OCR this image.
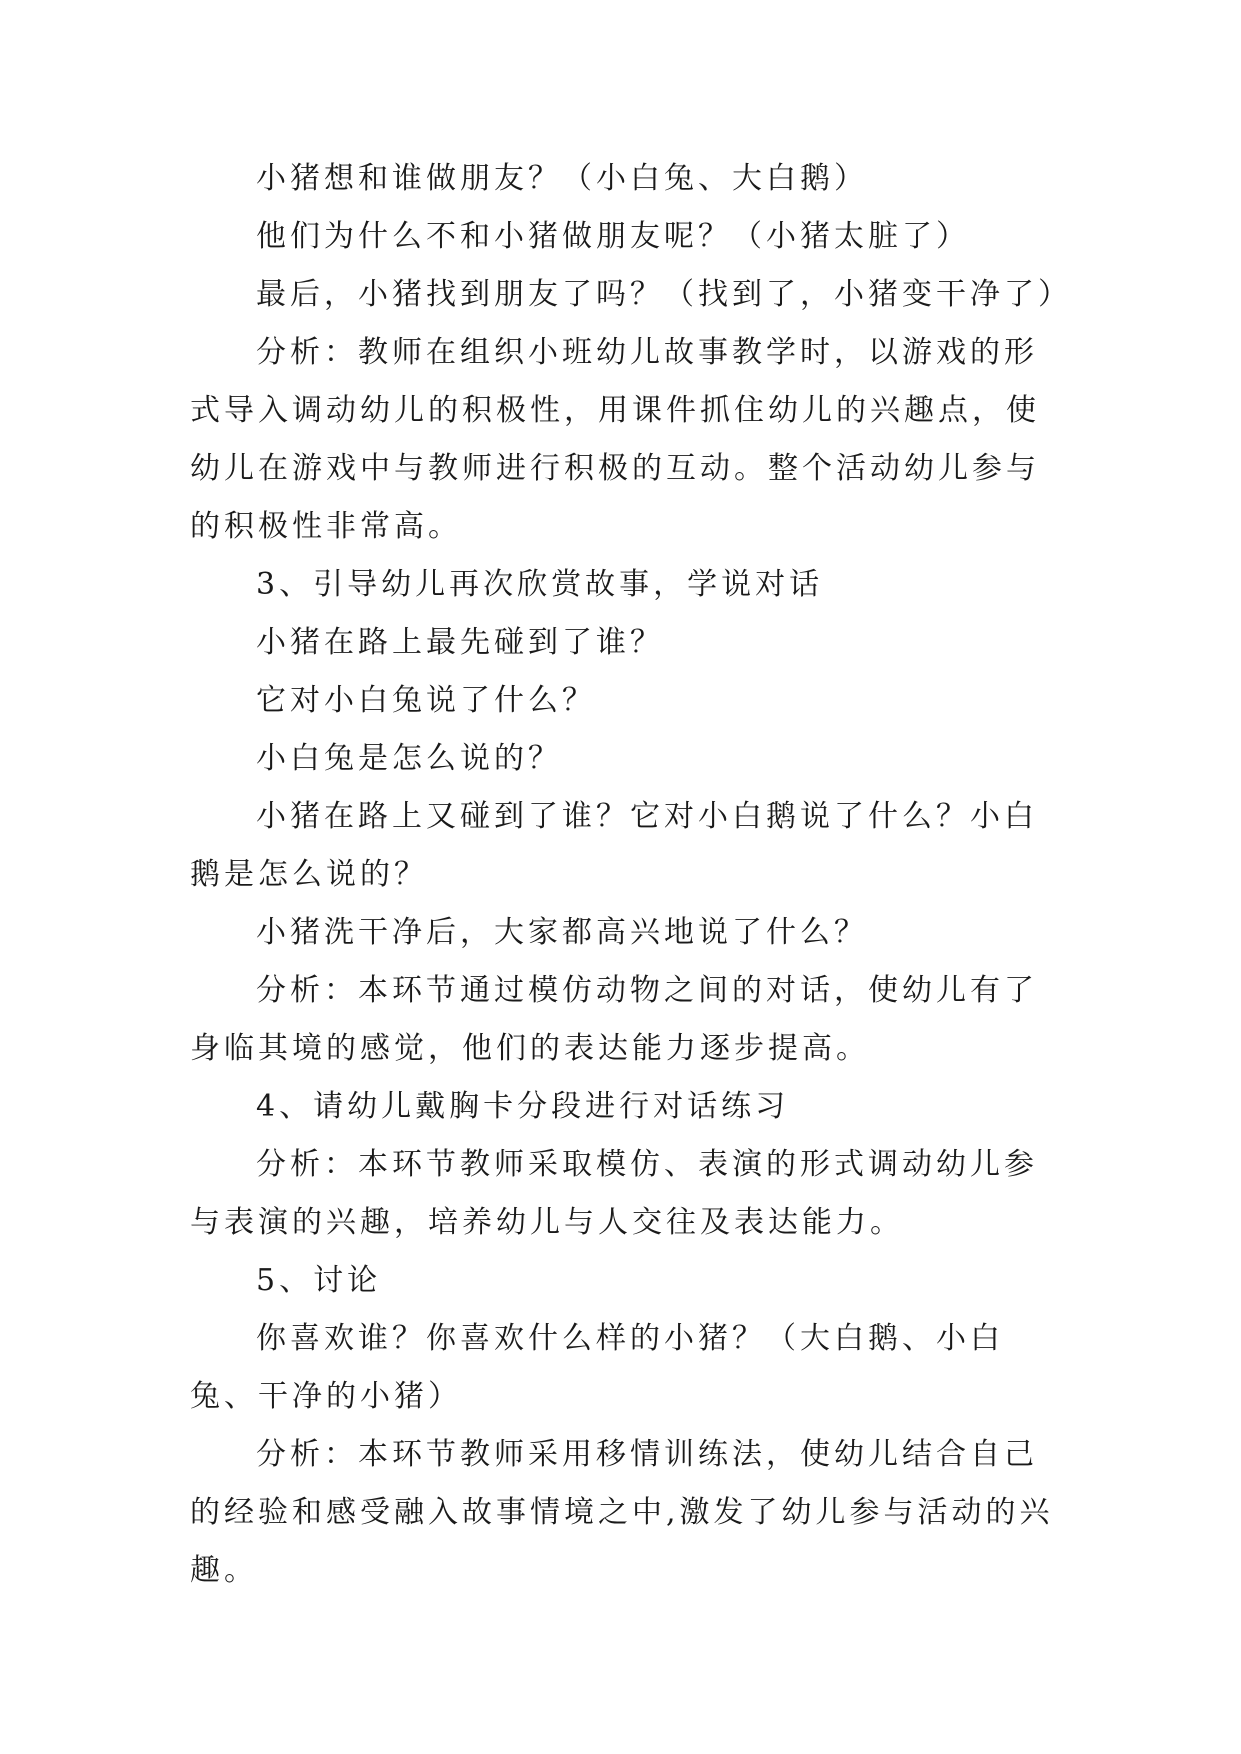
小猪想和谁做朋友？（小白兔、大白鹅）

他们为什么不和小猪做朋友呢？（小猪太脏了）

最后，小猪找到朋友了吗？（找到了，小猪变干净了）

分析：教师在组织小班幼儿故事教学时，以游戏的形式导入调动幼儿的积极性，用课件抓住幼儿的兴趣点，使幼儿在游戏中与教师进行积极的互动。整个活动幼儿参与的积极性非常高。

3、引导幼儿再次欣赏故事，学说对话

小猪在路上最先碰到了谁？

它对小白兔说了什么？

小白兔是怎么说的？

小猪在路上又碰到了谁？它对小白鹅说了什么？小白鹅是怎么说的？

小猪洗干净后，大家都高兴地说了什么？

分析：本环节通过模仿动物之间的对话，使幼儿有了身临其境的感觉，他们的表达能力逐步提高。

4、请幼儿戴胸卡分段进行对话练习

分析：本环节教师采取模仿、表演的形式调动幼儿参与表演的兴趣，培养幼儿与人交往及表达能力。

5、讨论

你喜欢谁？你喜欢什么样的小猪？（大白鹅、小白兔、干净的小猪）

分析：本环节教师采用移情训练法，使幼儿结合自己的经验和感受融入故事情境之中,激发了幼儿参与活动的兴趣。
